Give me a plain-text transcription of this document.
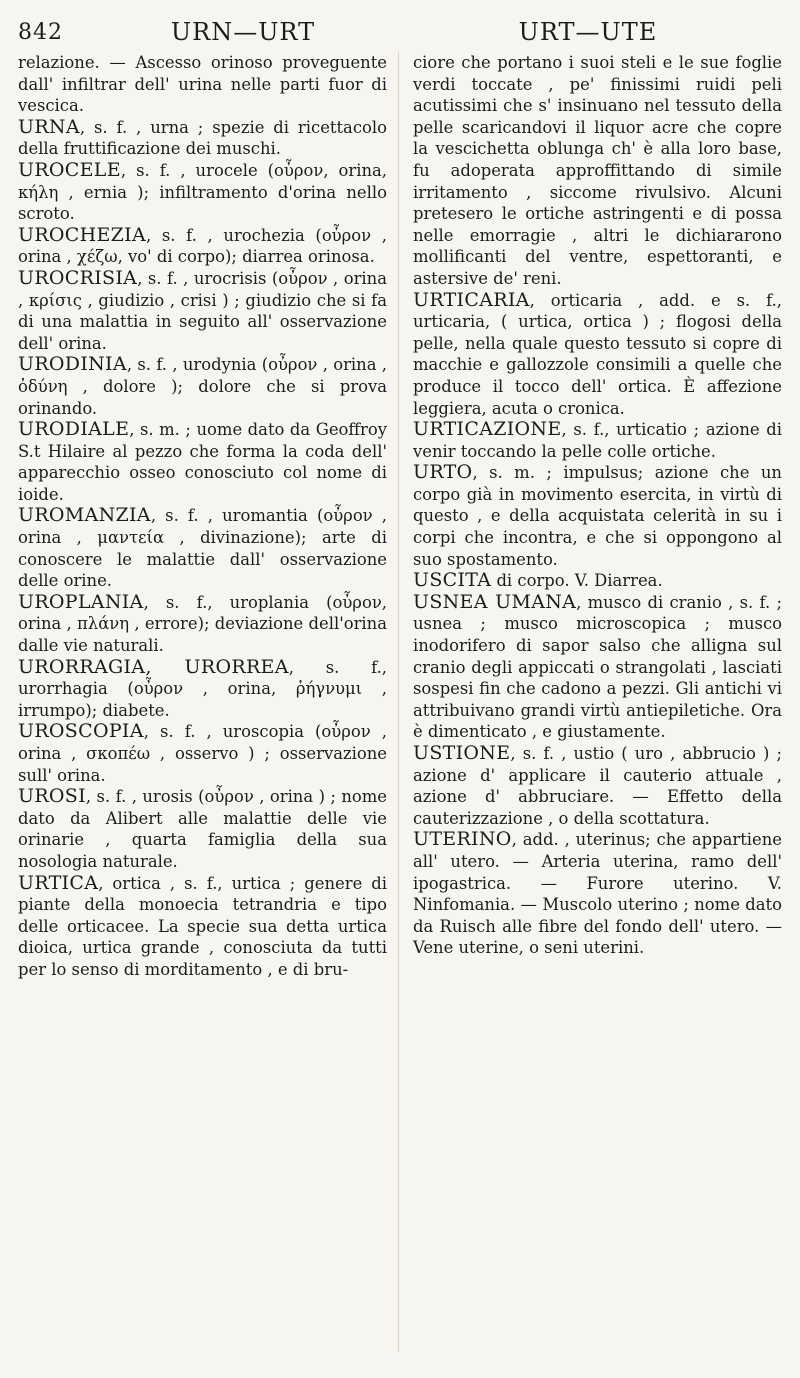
842	URN—URT	URT—UTE

relazione. — Ascesso orinoso proveguente dall' infiltrar dell' urina nelle parti fuor di vescica.

URNA, s. f. , urna ; spezie di ricettacolo della fruttificazione dei muschi.

UROCELE, s. f. , urocele (οὖρον, orina, κήλη , ernia ); infiltramento d'orina nello scroto.

UROCHEZIA, s. f. , urochezia (οὖρον , orina , χέζω, vo' di corpo); diarrea orinosa.

UROCRISIA, s. f. , urocrisis (οὖρον , orina , κρίσις , giudizio , crisi ) ; giudizio che si fa di una malattia in seguito all' osservazione dell' orina.

URODINIA, s. f. , urodynia (οὖρον , orina , ὀδύνη , dolore ); dolore che si prova orinando.

URODIALE, s. m. ; uome dato da Geoffroy S.t Hilaire al pezzo che forma la coda dell' apparecchio osseo conosciuto col nome di ioide.

UROMANZIA, s. f. , uromantia (οὖρον , orina , μαντεία , divinazione); arte di conoscere le malattie dall' osservazione delle orine.

UROPLANIA, s. f., uroplania (οὖρον, orina , πλάνη , errore); deviazione dell'orina dalle vie naturali.

URORRAGIA, URORREA, s. f., urorrhagia (οὖρον , orina, ῥήγνυμι , irrumpo); diabete.

UROSCOPIA, s. f. , uroscopia (οὖρον , orina , σκοπέω , osservo ) ; osservazione sull' orina.

UROSI, s. f. , urosis (οὖρον , orina ) ; nome dato da Alibert alle malattie delle vie orinarie , quarta famiglia della sua nosologia naturale.

URTICA, ortica , s. f., urtica ; genere di piante della monoecia tetrandria e tipo delle orticacee. La specie sua detta urtica dioica, urtica grande , conosciuta da tutti per lo senso di morditamento , e di bru-

ciore che portano i suoi steli e le sue foglie verdi toccate , pe' finissimi ruidi peli acutissimi che s' insinuano nel tessuto della pelle scaricandovi il liquor acre che copre la vescichetta oblunga ch' è alla loro base, fu adoperata approffittando di simile irritamento , siccome rivulsivo. Alcuni pretesero le ortiche astringenti e di possa nelle emorragie , altri le dichiararono mollificanti del ventre, espettoranti, e astersive de' reni.

URTICARIA, orticaria , add. e s. f., urticaria, ( urtica, ortica ) ; flogosi della pelle, nella quale questo tessuto si copre di macchie e gallozzole consimili a quelle che produce il tocco dell' ortica. È affezione leggiera, acuta o cronica.

URTICAZIONE, s. f., urticatio ; azione di venir toccando la pelle colle ortiche.

URTO, s. m. ; impulsus; azione che un corpo già in movimento esercita, in virtù di questo , e della acquistata celerità in su i corpi che incontra, e che si oppongono al suo spostamento.

USCITA di corpo. V. Diarrea.

USNEA UMANA, musco di cranio , s. f. ; usnea ; musco microscopica ; musco inodorifero di sapor salso che alligna sul cranio degli appiccati o strangolati , lasciati sospesi fin che cadono a pezzi. Gli antichi vi attribuivano grandi virtù antiepiletiche. Ora è dimenticato , e giustamente.

USTIONE, s. f. , ustio ( uro , abbrucio ) ; azione d' applicare il cauterio attuale , azione d' abbruciare. — Effetto della cauterizzazione , o della scottatura.

UTERINO, add. , uterinus; che appartiene all' utero. — Arteria uterina, ramo dell' ipogastrica. — Furore uterino. V. Ninfomania. — Muscolo uterino ; nome dato da Ruisch alle fibre del fondo dell' utero. — Vene uterine, o seni uterini.
